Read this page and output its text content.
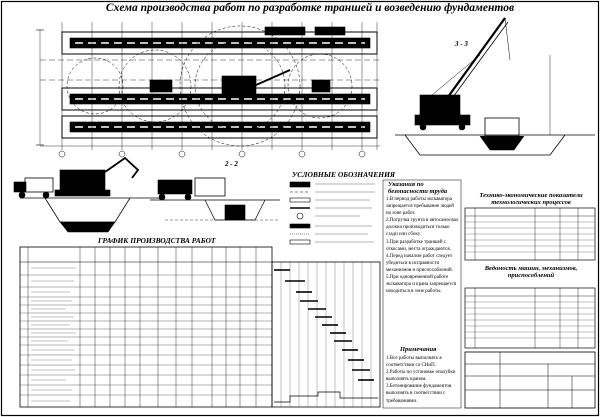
Схема производства работ по разработке траншей и возведению фундаментов
3 - 3
2 - 2
УСЛОВНЫЕ ОБОЗНАЧЕНИЯ
ГРАФИК ПРОИЗВОДСТВА РАБОТ
Указания по безопасности труда
1.В период работы экскаватора запрещается пребывание людей на зоне работ.
2.Погрузка грунта в автосамосвал должна производиться только сзади или сбоку.
3.При разработке траншей с откосами, места ограждаются.
4.Перед началом работ следует убедиться в исправности механизмов и приспособлений.
5.При одновременной работе экскаватора и крана запрещается находиться в зоне работы.
Примечания
1.Все работы выполнять в соответствии со СНиП.
2.Работы по установке опалубки выполнять краном.
3.Бетонирование фундаментов выполнять в соответствии с требованиями.
Технико-экономические показатели технологических процессов
Ведомость машин, механизмов, приспособлений
